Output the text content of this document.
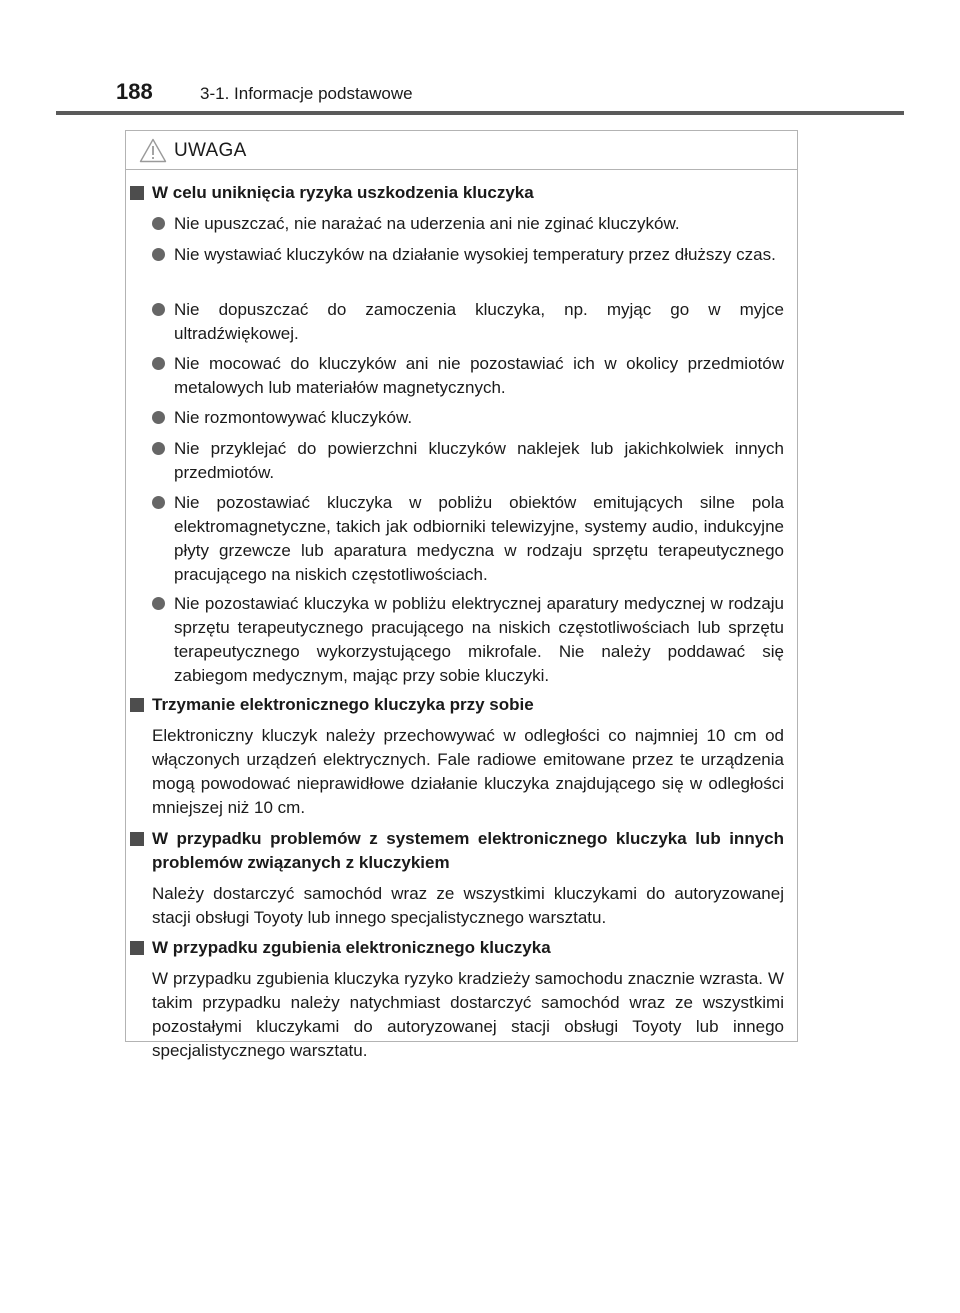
188	3-1. Informacje podstawowe
UWAGA
W celu uniknięcia ryzyka uszkodzenia kluczyka
Nie upuszczać, nie narażać na uderzenia ani nie zginać kluczyków.
Nie wystawiać kluczyków na działanie wysokiej temperatury przez dłuższy czas.
Nie dopuszczać do zamoczenia kluczyka, np. myjąc go w myjce ultradźwiękowej.
Nie mocować do kluczyków ani nie pozostawiać ich w okolicy przedmiotów metalowych lub materiałów magnetycznych.
Nie rozmontowywać kluczyków.
Nie przyklejać do powierzchni kluczyków naklejek lub jakichkolwiek innych przedmiotów.
Nie pozostawiać kluczyka w pobliżu obiektów emitujących silne pola elektromagnetyczne, takich jak odbiorniki telewizyjne, systemy audio, indukcyjne płyty grzewcze lub aparatura medyczna w rodzaju sprzętu terapeutycznego pracującego na niskich częstotliwościach.
Nie pozostawiać kluczyka w pobliżu elektrycznej aparatury medycznej w rodzaju sprzętu terapeutycznego pracującego na niskich częstotliwościach lub sprzętu terapeutycznego wykorzystującego mikrofale. Nie należy poddawać się zabiegom medycznym, mając przy sobie kluczyki.
Trzymanie elektronicznego kluczyka przy sobie
Elektroniczny kluczyk należy przechowywać w odległości co najmniej 10 cm od włączonych urządzeń elektrycznych. Fale radiowe emitowane przez te urządzenia mogą powodować nieprawidłowe działanie kluczyka znajdującego się w odległości mniejszej niż 10 cm.
W przypadku problemów z systemem elektronicznego kluczyka lub innych problemów związanych z kluczykiem
Należy dostarczyć samochód wraz ze wszystkimi kluczykami do autoryzowanej stacji obsługi Toyoty lub innego specjalistycznego warsztatu.
W przypadku zgubienia elektronicznego kluczyka
W przypadku zgubienia kluczyka ryzyko kradzieży samochodu znacznie wzrasta. W takim przypadku należy natychmiast dostarczyć samochód wraz ze wszystkimi pozostałymi kluczykami do autoryzowanej stacji obsługi Toyoty lub innego specjalistycznego warsztatu.
